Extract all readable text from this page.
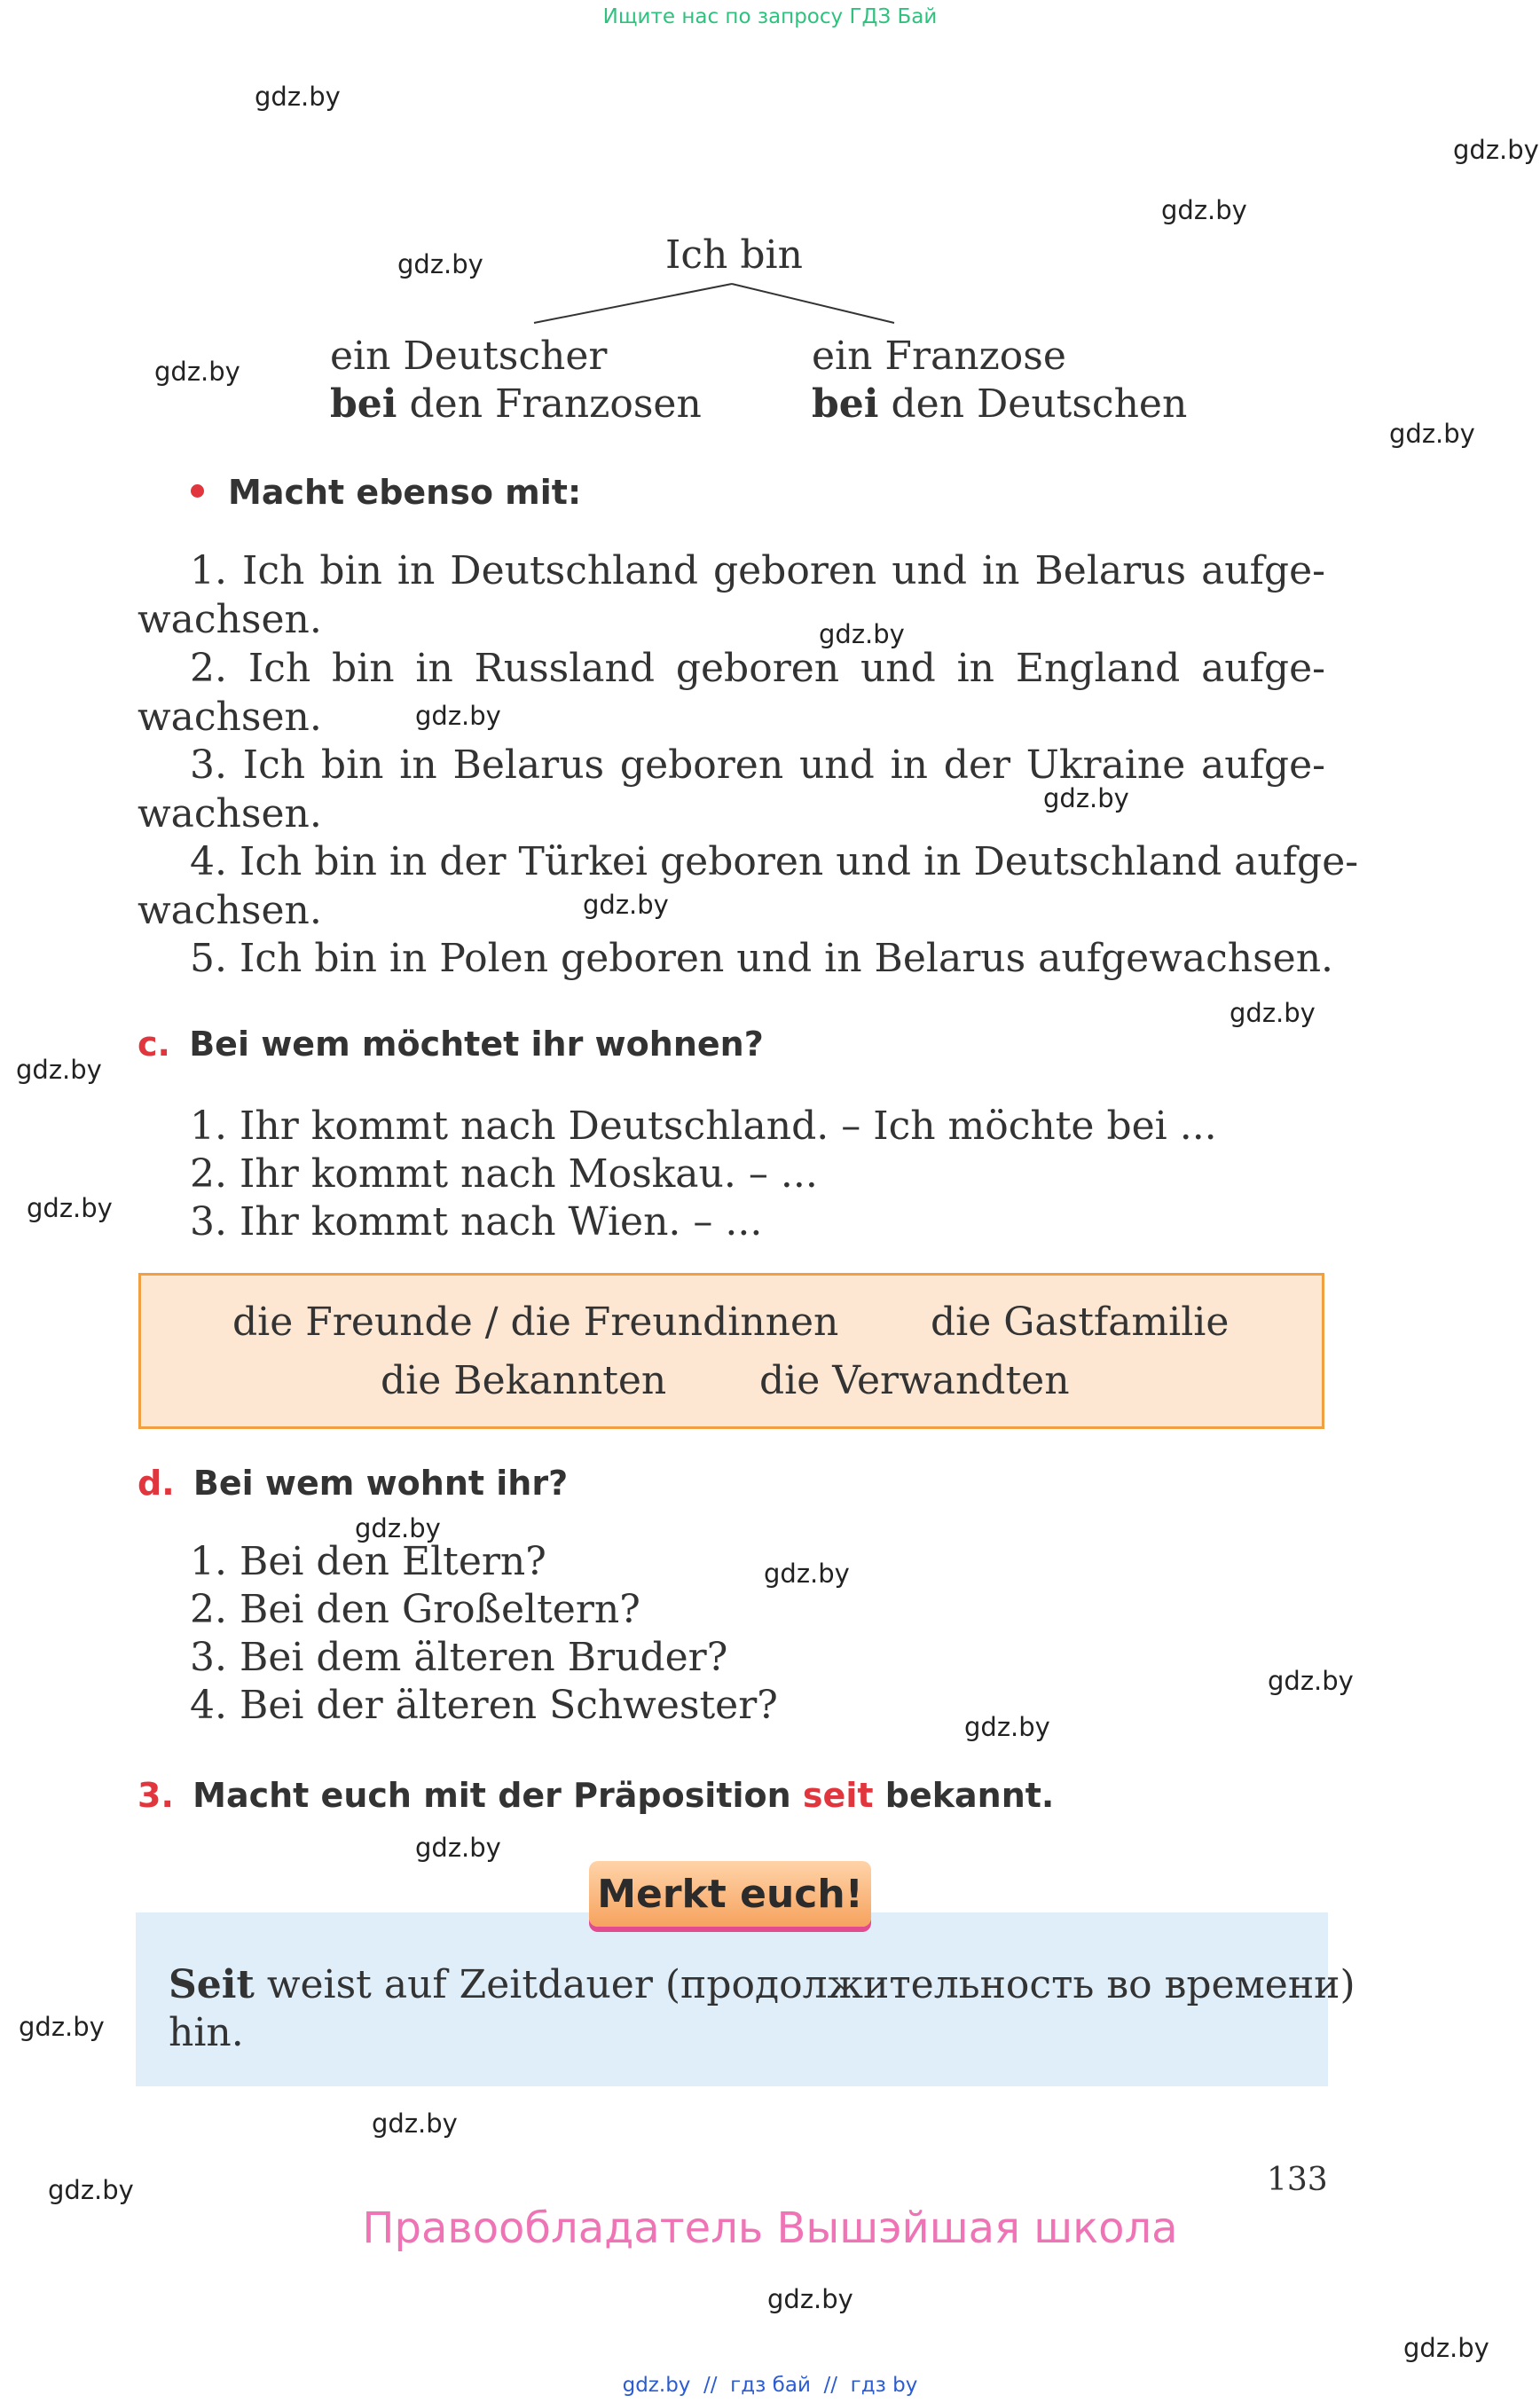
Ищите нас по запросу ГДЗ Бай
gdz.by
gdz.by
gdz.by
gdz.by
gdz.by
gdz.by
gdz.by
gdz.by
gdz.by
gdz.by
gdz.by
gdz.by
gdz.by
gdz.by
gdz.by
gdz.by
gdz.by
gdz.by
gdz.by
gdz.by
gdz.by
gdz.by
gdz.by
Ich bin
ein Deutscher
bei den Franzosen
ein Franzose
bei den Deutschen
Macht ebenso mit:
1. Ich bin in Deutschland geboren und in Belarus aufge-
wachsen.
2. Ich bin in Russland geboren und in England aufge-
wachsen.
3. Ich bin in Belarus geboren und in der Ukraine aufge-
wachsen.
4. Ich bin in der Türkei geboren und in Deutschland aufge-
wachsen.
5. Ich bin in Polen geboren und in Belarus aufgewachsen.
c. Bei wem möchtet ihr wohnen?
1. Ihr kommt nach Deutschland. – Ich möchte bei ...
2. Ihr kommt nach Moskau. – ...
3. Ihr kommt nach Wien. – ...
die Freunde / die Freundinnen die Gastfamilie
die Bekannten die Verwandten
d. Bei wem wohnt ihr?
1. Bei den Eltern?
2. Bei den Großeltern?
3. Bei dem älteren Bruder?
4. Bei der älteren Schwester?
3. Macht euch mit der Präposition seit bekannt.
Merkt euch!
Seit weist auf Zeitdauer (продолжительность во времени)
hin.
133
Правообладатель Вышэйшая школа
gdz.by  //  гдз бай  //  гдз by
